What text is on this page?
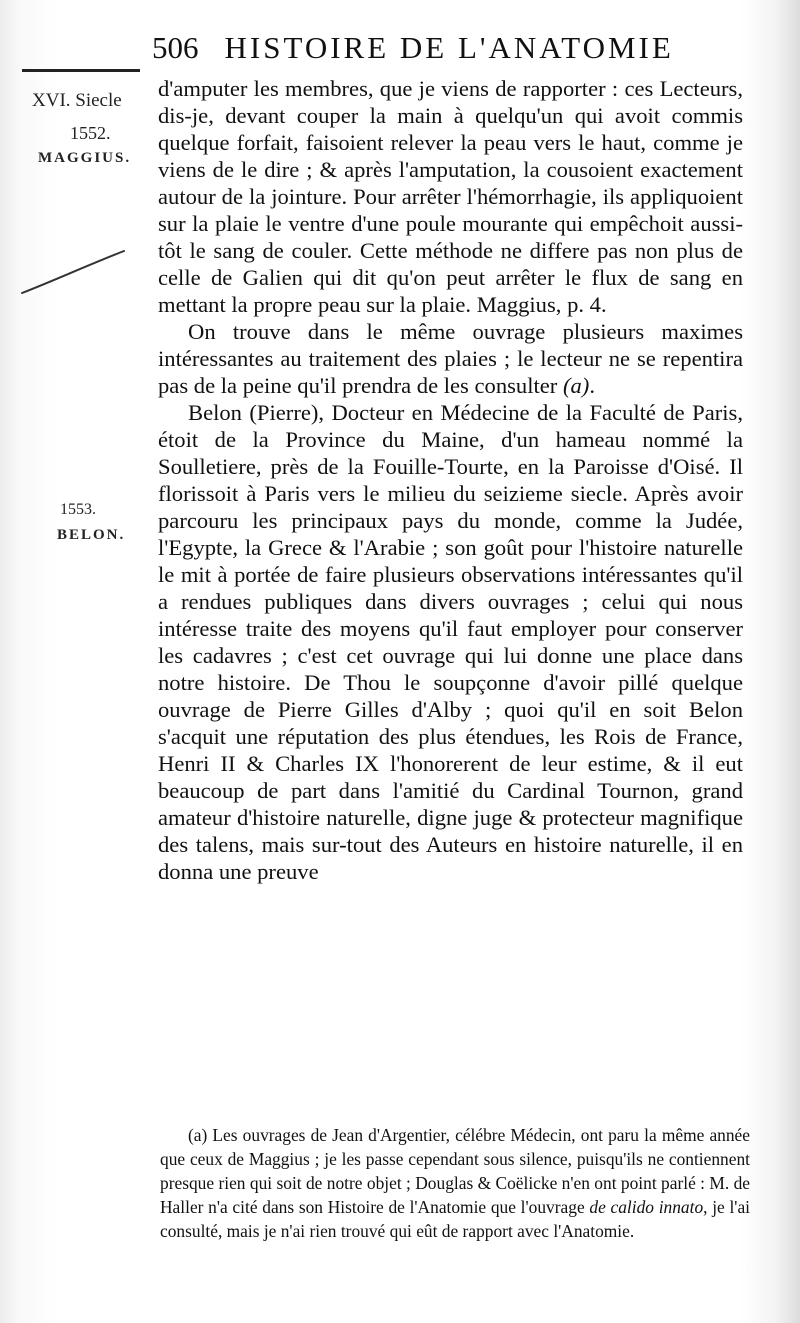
506 HISTOIRE DE L'ANATOMIE
XVI. Siecle
1552.
MAGGIUS.
1553.
BELON.

d'amputer les membres, que je viens de rapporter : ces Lecteurs, dis-je, devant couper la main à quelqu'un qui avoit commis quelque forfait, faisoient relever la peau vers le haut, comme je viens de le dire ; & après l'amputation, la cousoient exactement autour de la jointure. Pour arrêter l'hémorrhagie, ils appliquoient sur la plaie le ventre d'une poule mourante qui empêchoit aussi-tôt le sang de couler. Cette méthode ne differe pas non plus de celle de Galien qui dit qu'on peut arrêter le flux de sang en mettant la propre peau sur la plaie. Maggius, p. 4.

On trouve dans le même ouvrage plusieurs maximes intéressantes au traitement des plaies ; le lecteur ne se repentira pas de la peine qu'il prendra de les consulter (a).

Belon (Pierre), Docteur en Médecine de la Faculté de Paris, étoit de la Province du Maine, d'un hameau nommé la Soulletiere, près de la Fouille-Tourte, en la Paroisse d'Oisé. Il florissoit à Paris vers le milieu du seizieme siecle. Après avoir parcouru les principaux pays du monde, comme la Judée, l'Egypte, la Grece & l'Arabie ; son goût pour l'histoire naturelle le mit à portée de faire plusieurs observations intéressantes qu'il a rendues publiques dans divers ouvrages ; celui qui nous intéresse traite des moyens qu'il faut employer pour conserver les cadavres ; c'est cet ouvrage qui lui donne une place dans notre histoire. De Thou le soupçonne d'avoir pillé quelque ouvrage de Pierre Gilles d'Alby ; quoi qu'il en soit Belon s'acquit une réputation des plus étendues, les Rois de France, Henri II & Charles IX l'honorerent de leur estime, & il eut beaucoup de part dans l'amitié du Cardinal Tournon, grand amateur d'histoire naturelle, digne juge & protecteur magnifique des talens, mais sur-tout des Auteurs en histoire naturelle, il en donna une preuve

(a) Les ouvrages de Jean d'Argentier, célébre Médecin, ont paru la même année que ceux de Maggius ; je les passe cependant sous silence, puisqu'ils ne contiennent presque rien qui soit de notre objet ; Douglas & Coëlicke n'en ont point parlé : M. de Haller n'a cité dans son Histoire de l'Anatomie que l'ouvrage de calido innato, je l'ai consulté, mais je n'ai rien trouvé qui eût de rapport avec l'Anatomie.
